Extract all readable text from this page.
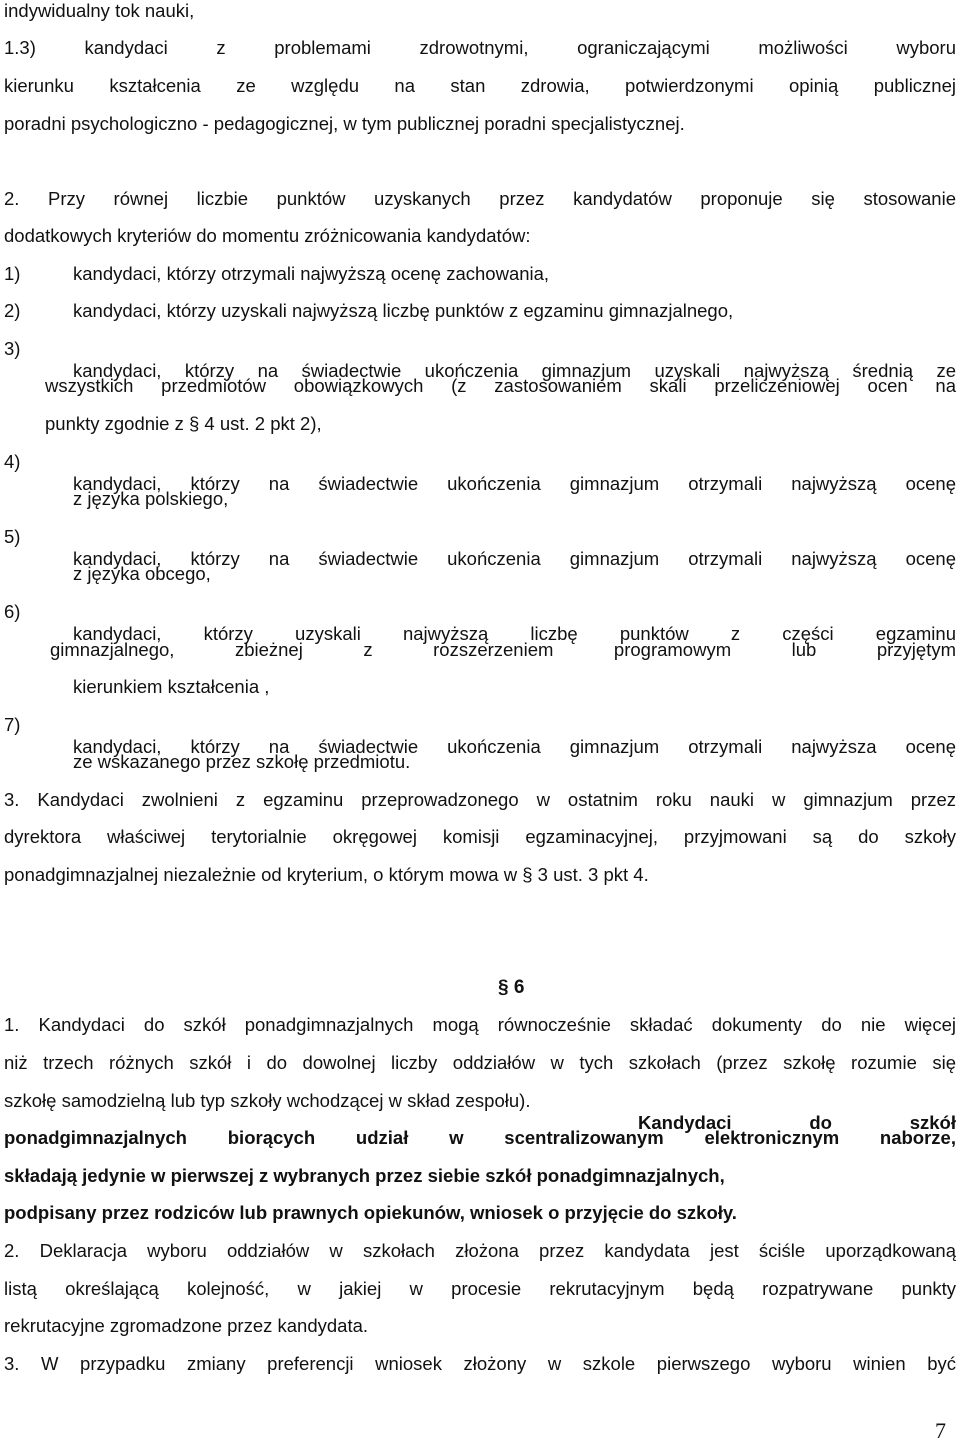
indywidualny tok nauki,
1.3) kandydaci z problemami zdrowotnymi, ograniczającymi możliwości wyboru
kierunku kształcenia ze względu na stan zdrowia, potwierdzonymi opinią publicznej
poradni psychologiczno - pedagogicznej, w tym publicznej poradni specjalistycznej.
2. Przy równej liczbie punktów uzyskanych przez kandydatów proponuje się stosowanie
dodatkowych kryteriów do momentu zróżnicowania kandydatów:
1)	kandydaci, którzy otrzymali najwyższą ocenę zachowania,
2)	kandydaci, którzy uzyskali najwyższą liczbę punktów z egzaminu gimnazjalnego,
3)
kandydaci, którzy na świadectwie ukończenia gimnazjum uzyskali najwyższą średnią ze
wszystkich przedmiotów obowiązkowych (z zastosowaniem skali przeliczeniowej ocen na
punkty zgodnie z § 4 ust. 2 pkt 2),
4)
kandydaci, którzy na świadectwie ukończenia gimnazjum otrzymali najwyższą ocenę
z języka polskiego,
5)
kandydaci, którzy na świadectwie ukończenia gimnazjum otrzymali najwyższą ocenę
z języka obcego,
6)
kandydaci, którzy uzyskali najwyższą liczbę punktów z części egzaminu
gimnazjalnego, zbieżnej z rozszerzeniem programowym lub przyjętym
kierunkiem kształcenia ,
7)
kandydaci, którzy na świadectwie ukończenia gimnazjum otrzymali najwyższa ocenę
ze wskazanego przez szkołę przedmiotu.
3. Kandydaci zwolnieni z egzaminu przeprowadzonego w ostatnim roku nauki w gimnazjum przez
dyrektora właściwej terytorialnie okręgowej komisji egzaminacyjnej, przyjmowani są do szkoły
ponadgimnazjalnej niezależnie od kryterium, o którym mowa w § 3 ust. 3 pkt 4.
§ 6
1. Kandydaci do szkół ponadgimnazjalnych mogą równocześnie składać dokumenty do nie więcej
niż trzech różnych szkół i do dowolnej liczby oddziałów w tych szkołach (przez szkołę rozumie się
szkołę samodzielną lub typ szkoły wchodzącej w skład zespołu).
Kandydaci do szkół
ponadgimnazjalnych biorących udział w scentralizowanym elektronicznym naborze,
składają jedynie w pierwszej z wybranych przez siebie szkół ponadgimnazjalnych,
podpisany przez rodziców lub prawnych opiekunów, wniosek o przyjęcie do szkoły.
2. Deklaracja wyboru oddziałów w szkołach złożona przez kandydata jest ściśle uporządkowaną
listą określającą kolejność, w jakiej w procesie rekrutacyjnym będą rozpatrywane punkty
rekrutacyjne zgromadzone przez kandydata.
3. W przypadku zmiany preferencji wniosek złożony w szkole pierwszego wyboru winien być
7
